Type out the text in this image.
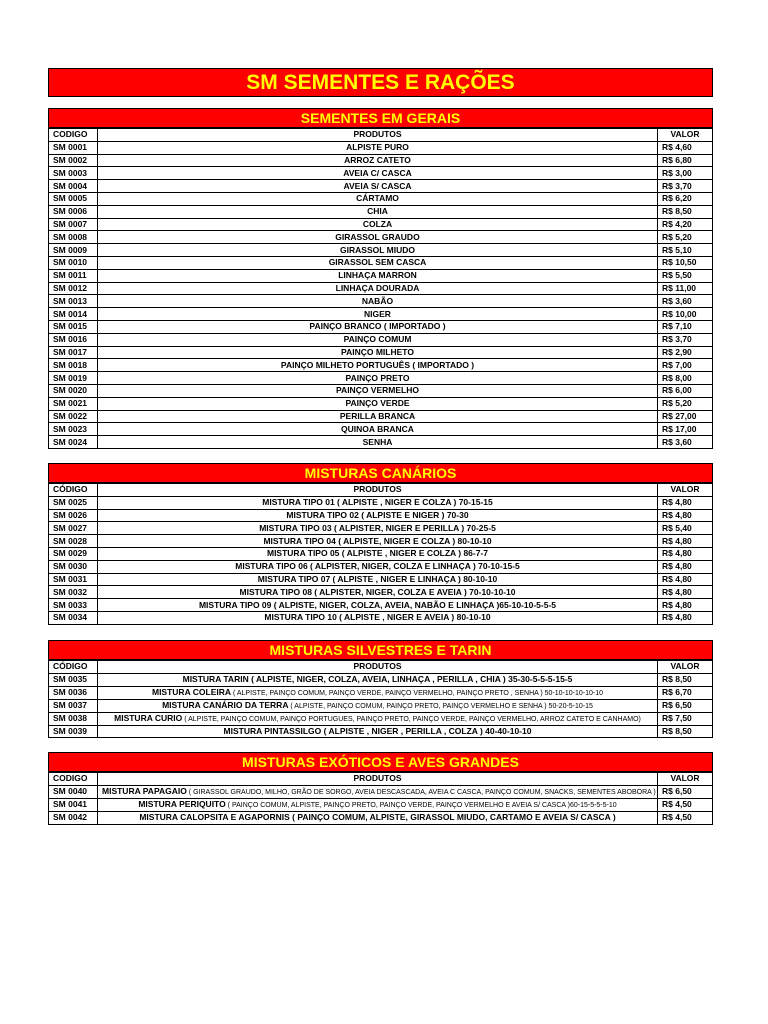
SM SEMENTES E RAÇÕES
SEMENTES EM GERAIS
CODIGO	PRODUTOS	VALOR
SM 0001	ALPISTE PURO	R$ 4,60
SM 0002	ARROZ CATETO	R$ 6,80
SM 0003	AVEIA C/ CASCA	R$ 3,00
SM 0004	AVEIA S/ CASCA	R$ 3,70
SM 0005	CÁRTAMO	R$ 6,20
SM 0006	CHIA	R$ 8,50
SM 0007	COLZA	R$ 4,20
SM 0008	GIRASSOL GRAUDO	R$ 5,20
SM 0009	GIRASSOL MIUDO	R$ 5,10
SM 0010	GIRASSOL SEM CASCA	R$ 10,50
SM 0011	LINHAÇA MARRON	R$ 5,50
SM 0012	LINHAÇA DOURADA	R$ 11,00
SM 0013	NABÃO	R$ 3,60
SM 0014	NIGER	R$ 10,00
SM 0015	PAINÇO BRANCO ( IMPORTADO )	R$ 7,10
SM 0016	PAINÇO COMUM	R$ 3,70
SM 0017	PAINÇO MILHETO	R$ 2,90
SM 0018	PAINÇO MILHETO PORTUGUÊS ( IMPORTADO )	R$ 7,00
SM 0019	PAINÇO PRETO	R$ 8,00
SM 0020	PAINÇO VERMELHO	R$ 6,00
SM 0021	PAINÇO VERDE	R$ 5,20
SM 0022	PERILLA BRANCA	R$ 27,00
SM 0023	QUINOA BRANCA	R$ 17,00
SM 0024	SENHA	R$ 3,60
MISTURAS CANÁRIOS
CÓDIGO	PRODUTOS	VALOR
SM 0025	MISTURA TIPO 01 ( ALPISTE , NIGER E COLZA ) 70-15-15	R$ 4,80
SM 0026	MISTURA TIPO 02 ( ALPISTE E NIGER ) 70-30	R$ 4,80
SM 0027	MISTURA TIPO 03 ( ALPISTER, NIGER E PERILLA ) 70-25-5	R$ 5,40
SM 0028	MISTURA TIPO 04 ( ALPISTE, NIGER E COLZA ) 80-10-10	R$ 4,80
SM 0029	MISTURA TIPO 05 ( ALPISTE , NIGER E COLZA ) 86-7-7	R$ 4,80
SM 0030	MISTURA TIPO 06 ( ALPISTER, NIGER, COLZA E LINHAÇA ) 70-10-15-5	R$ 4,80
SM 0031	MISTURA TIPO 07 ( ALPISTE , NIGER E LINHAÇA ) 80-10-10	R$ 4,80
SM 0032	MISTURA TIPO 08 ( ALPISTER, NIGER, COLZA E AVEIA ) 70-10-10-10	R$ 4,80
SM 0033	MISTURA TIPO 09 ( ALPISTE, NIGER, COLZA, AVEIA, NABÃO E LINHAÇA )65-10-10-5-5-5	R$ 4,80
SM 0034	MISTURA TIPO 10 ( ALPISTE , NIGER E AVEIA ) 80-10-10	R$ 4,80
MISTURAS SILVESTRES E TARIN
CÓDIGO	PRODUTOS	VALOR
SM 0035	MISTURA TARIN ( ALPISTE, NIGER, COLZA, AVEIA, LINHAÇA , PERILLA , CHIA ) 35-30-5-5-5-15-5	R$ 8,50
SM 0036	MISTURA COLEIRA ( ALPISTE, PAINÇO COMUM, PAINÇO VERDE, PAINÇO VERMELHO, PAINÇO PRETO , SENHA ) 50-10-10-10-10-10	R$ 6,70
SM 0037	MISTURA CANÁRIO DA TERRA ( ALPISTE, PAINÇO COMUM, PAINÇO PRETO, PAINÇO VERMELHO E SENHA ) 50-20-5-10-15	R$ 6,50
SM 0038	MISTURA CURIO ( ALPISTE, PAINÇO COMUM, PAINÇO PORTUGUES, PAINÇO PRETO, PAINÇO VERDE, PAINÇO VERMELHO, ARROZ CATETO E CANHAMO)	R$ 7,50
SM 0039	MISTURA PINTASSILGO ( ALPISTE , NIGER , PERILLA , COLZA ) 40-40-10-10	R$ 8,50
MISTURAS EXÓTICOS E AVES GRANDES
CODIGO	PRODUTOS	VALOR
SM 0040	MISTURA PAPAGAIO ( GIRASSOL GRAUDO, MILHO, GRÃO DE SORGO, AVEIA DESCASCADA, AVEIA C CASCA, PAINÇO COMUM, SNACKS, SEMENTES ABOBORA )	R$ 6,50
SM 0041	MISTURA PERIQUITO ( PAINÇO COMUM, ALPISTE, PAINÇO PRETO, PAINÇO VERDE, PAINÇO VERMELHO E AVEIA S/ CASCA )60-15-5-5-5-10	R$ 4,50
SM 0042	MISTURA CALOPSITA E AGAPORNIS ( PAINÇO COMUM, ALPISTE, GIRASSOL MIUDO, CARTAMO E AVEIA S/ CASCA )	R$ 4,50
